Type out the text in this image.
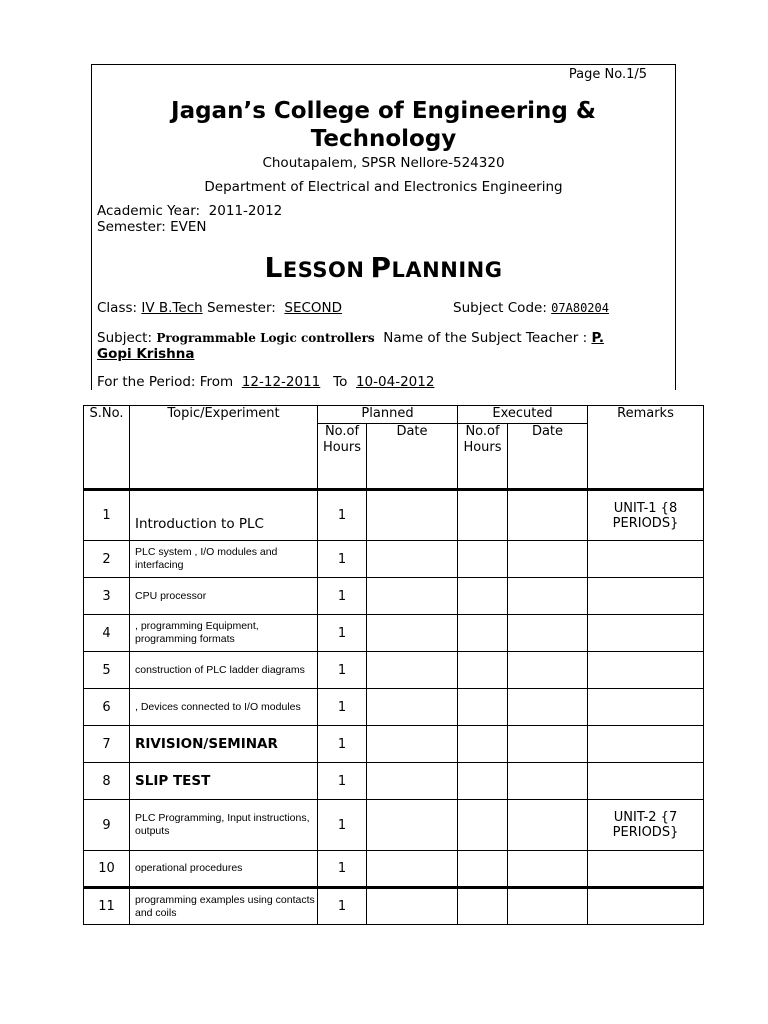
Page No.1/5
Jagan’s College of Engineering &
Technology
Choutapalem, SPSR Nellore-524320
Department of Electrical and Electronics Engineering
Academic Year: 2011-2012
Semester: EVEN
LESSON PLANNING
Class: IV B.Tech Semester: SECOND	Subject Code: 07A80204
Subject: Programmable Logic controllers Name of the Subject Teacher : P.
Gopi Krishna
For the Period: From 12-12-2011 To 10-04-2012
S.No.	Topic/Experiment	Planned		Executed		Remarks
		No.of Hours	Date	No.of Hours	Date	
1	Introduction to PLC	1				UNIT-1 {8 PERIODS}
2	PLC system , I/O modules and interfacing	1				
3	CPU processor	1				
4	, programming Equipment, programming formats	1				
5	construction of PLC ladder diagrams	1				
6	, Devices connected to I/O modules	1				
7	RIVISION/SEMINAR	1				
8	SLIP TEST	1				
9	PLC Programming, Input instructions, outputs	1				UNIT-2 {7 PERIODS}
10	operational procedures	1				
11	programming examples using contacts and coils	1				
